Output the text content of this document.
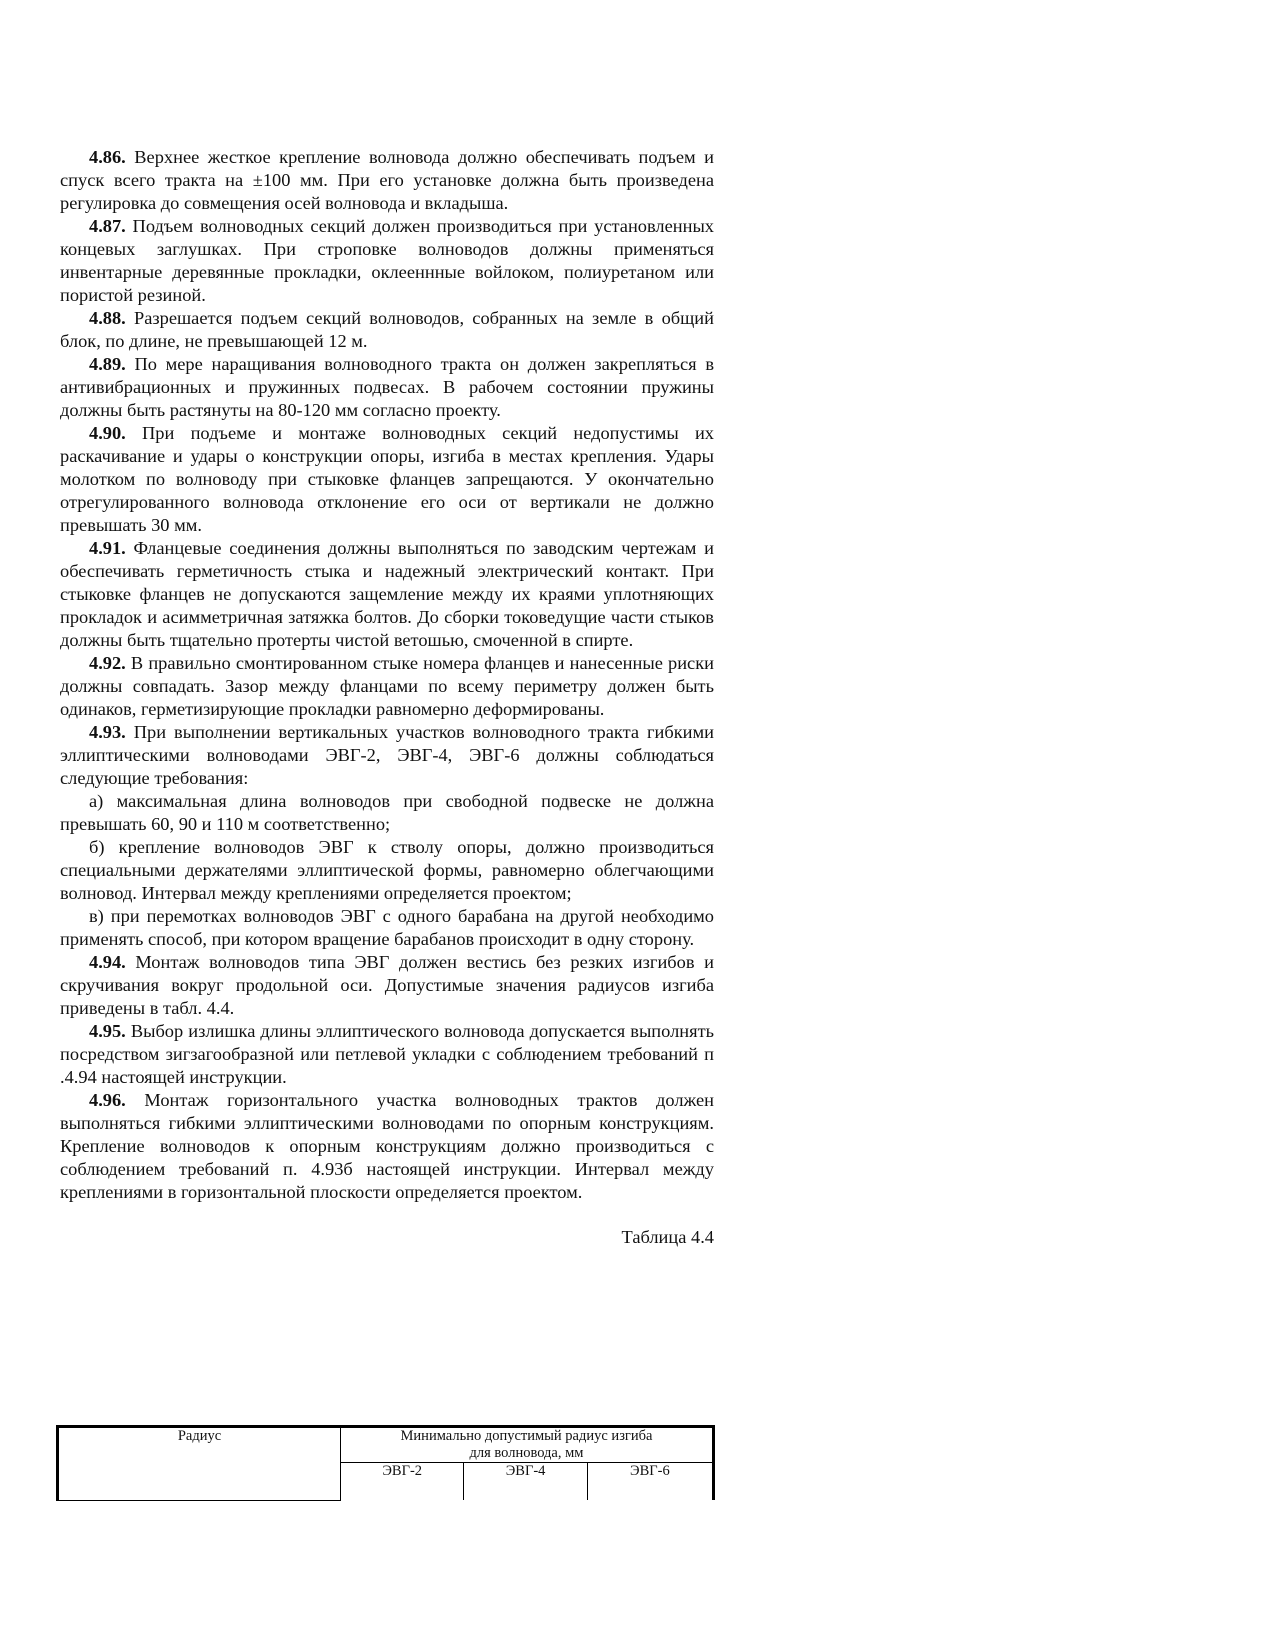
4.86. Верхнее жесткое крепление волновода должно обеспечивать подъем и спуск всего тракта на ±100 мм. При его установке должна быть произведена регулировка до совмещения осей волновода и вкладыша.

4.87. Подъем волноводных секций должен производиться при установленных концевых заглушках. При строповке волноводов должны применяться инвентарные деревянные прокладки, оклееннные войлоком, полиуретаном или пористой резиной.

4.88. Разрешается подъем секций волноводов, собранных на земле в общий блок, по длине, не превышающей 12 м.

4.89. По мере наращивания волноводного тракта он должен закрепляться в антивибрационных и пружинных подвесах. В рабочем состоянии пружины должны быть растянуты на 80-120 мм согласно проекту.

4.90. При подъеме и монтаже волноводных секций недопустимы их раскачивание и удары о конструкции опоры, изгиба в местах крепления. Удары молотком по волноводу при стыковке фланцев запрещаются. У окончательно отрегулированного волновода отклонение его оси от вертикали не должно превышать 30 мм.

4.91. Фланцевые соединения должны выполняться по заводским чертежам и обеспечивать герметичность стыка и надежный электрический контакт. При стыковке фланцев не допускаются защемление между их краями уплотняющих прокладок и асимметричная затяжка болтов. До сборки токоведущие части стыков должны быть тщательно протерты чистой ветошью, смоченной в спирте.

4.92. В правильно смонтированном стыке номера фланцев и нанесенные риски должны совпадать. Зазор между фланцами по всему периметру должен быть одинаков, герметизирующие прокладки равномерно деформированы.

4.93. При выполнении вертикальных участков волноводного тракта гибкими эллиптическими волноводами ЭВГ-2, ЭВГ-4, ЭВГ-6 должны соблюдаться следующие требования:

а) максимальная длина волноводов при свободной подвеске не должна превышать 60, 90 и 110 м соответственно;

б) крепление волноводов ЭВГ к стволу опоры, должно производиться специальными держателями эллиптической формы, равномерно облегчающими волновод. Интервал между креплениями определяется проектом;

в) при перемотках волноводов ЭВГ с одного барабана на другой необходимо применять способ, при котором вращение барабанов происходит в одну сторону.

4.94. Монтаж волноводов типа ЭВГ должен вестись без резких изгибов и скручивания вокруг продольной оси. Допустимые значения радиусов изгиба приведены в табл. 4.4.

4.95. Выбор излишка длины эллиптического волновода допускается выполнять посредством зигзагообразной или петлевой укладки с соблюдением требований п .4.94 настоящей инструкции.

4.96. Монтаж горизонтального участка волноводных трактов должен выполняться гибкими эллиптическими волноводами по опорным конструкциям. Крепление волноводов к опорным конструкциям должно производиться с соблюдением требований п. 4.93б настоящей инструкции. Интервал между креплениями в горизонтальной плоскости определяется проектом.

Таблица 4.4
Радиус	Минимально допустимый радиус изгиба
для волновода, мм		
	ЭВГ-2	ЭВГ-4	ЭВГ-6
